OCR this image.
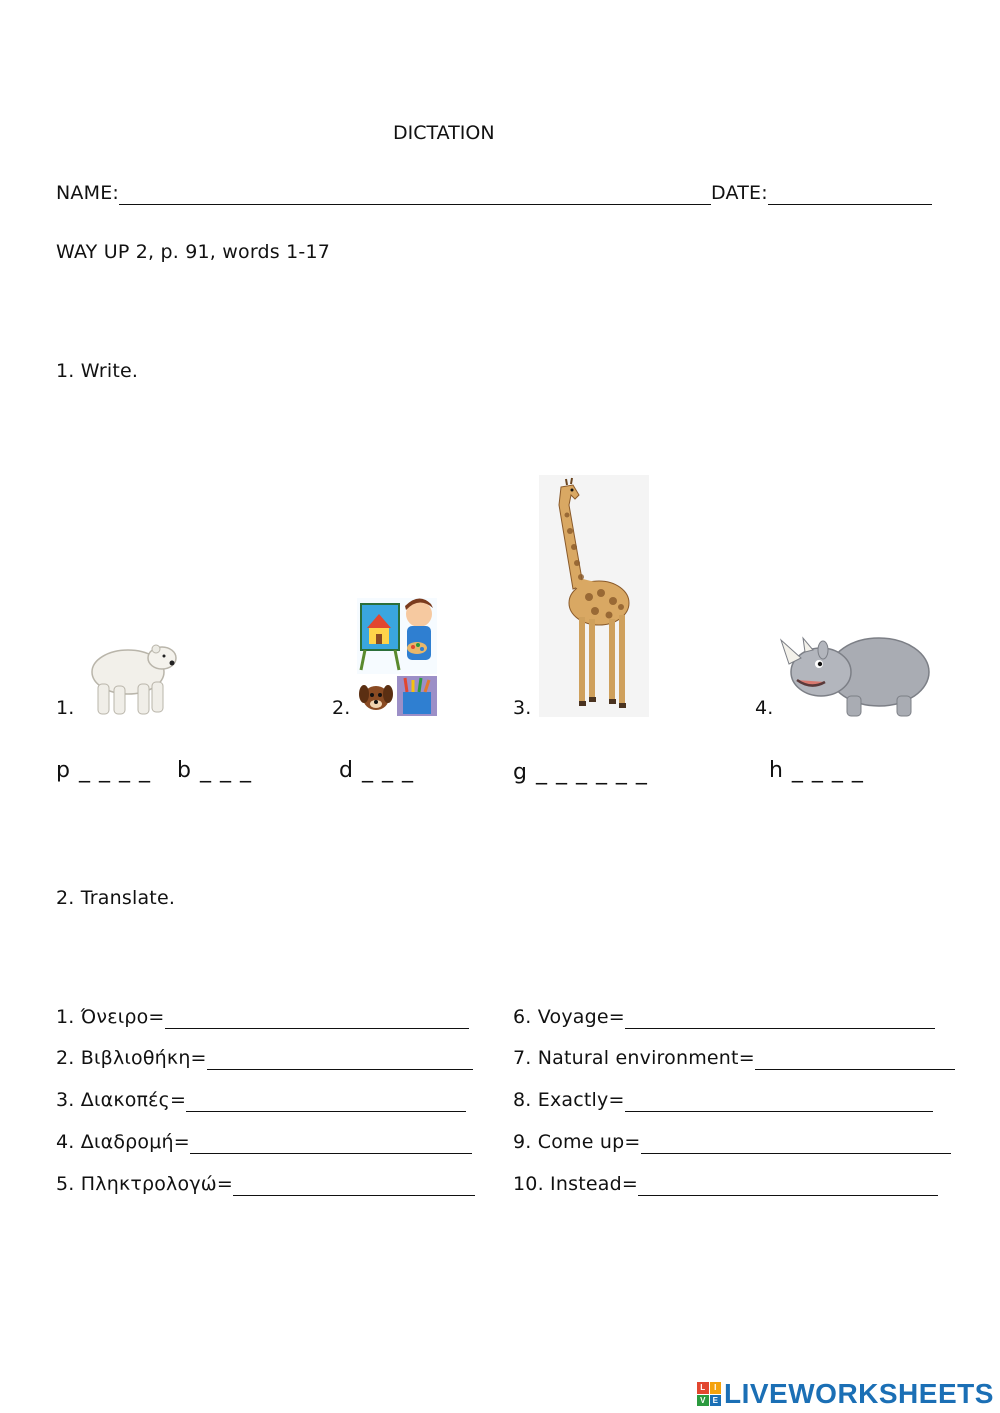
DICTATION
NAME:	DATE:
WAY UP 2, p. 91, words 1-17
1. Write.
1.	2.	3.	4.
p _ _ _ _ b _ _ _	d _ _ _	g _ _ _ _ _ _	h _ _ _ _
2. Translate.
1. Όνειρο=
2. Βιβλιοθήκη=
3. Διακοπές=
4. Διαδρομή=
5. Πληκτρολογώ=
6. Voyage=
7. Natural environment=
8. Exactly=
9. Come up=
10. Instead=
L	I
V E LIVEWORKSHEETS
